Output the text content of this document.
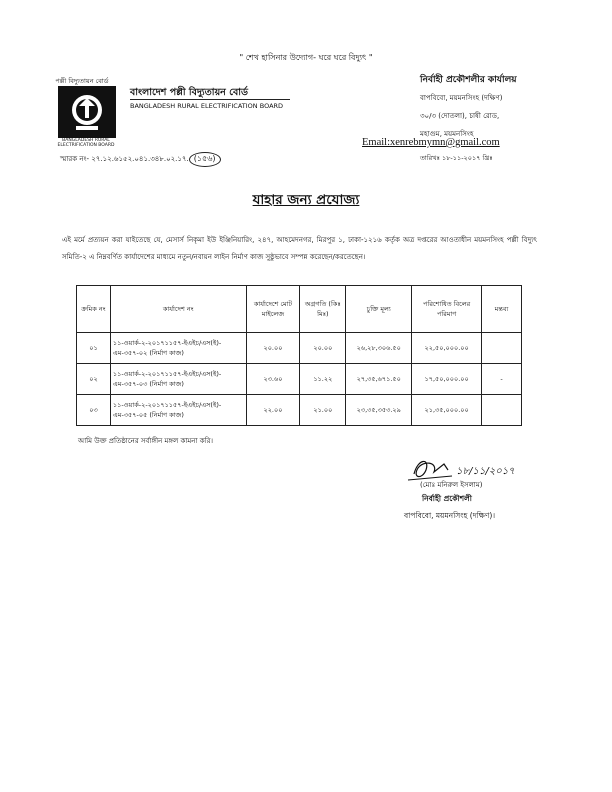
" শেখ হাসিনার উদ্যোগ- ঘরে ঘরে বিদ্যুৎ "
পল্লী বিদ্যুতায়ন বোর্ড
BANGLADESH RURAL ELECTRIFICATION BOARD
বাংলাদেশ পল্লী বিদ্যুতায়ন বোর্ড
BANGLADESH RURAL ELECTRIFICATION BOARD
নির্বাহী প্রকৌশলীর কার্যালয়
বাপবিবো, ময়মনসিংহ (দক্ষিণ)
৩০/৩ (দোতলা), চাষী রোড,
মহাগুম, ময়মনসিংহ
Email:xenrebmymn@gmail.com
স্মারক নং- ২৭.১২.৬১৫২.০৪১.৩৪৮.০২.১৭. (১৫৬)	তারিখঃ ১৮-১১-২০১৭ খ্রিঃ
যাহার জন্য প্রযোজ্য
এই মর্মে প্রত্যয়ন করা যাইতেছে যে, মেসার্স নিকৃমা ইউ ইঞ্জিনিয়ারিং, ২৪৭, আহমেদনগর, মিরপুর ১, ঢাকা-১২১৬ কর্তৃক অত্র দপ্তরের আওতাধীন ময়মনসিংহ পল্লী বিদ্যুৎ সমিতি-২ এ নিম্নবর্ণিত কার্যাদেশের মাধ্যমে নতুন/নবায়ন লাইন নির্মাণ কাজ সুষ্ঠুভাবে সম্পন্ন করেছেন/করতেছেন।
ক্রমিক নং	কার্যাদেশ নং	কার্যাদেশে মোট মাইলেজ	অগ্রগতি (কিঃ মিঃ)	চুক্তি মূল্য	পরিশোধিত বিলের পরিমাণ	মন্তব্য
০১	১১-ওয়ার্ক-২-২০১৭১১৫৭-ইএইচ/এস(ই)-এম-৩৫৭-০২ (নির্মাণ কাজ)	২০.০০	২০.০০	২৬,২৮,৩০৬.৫০	২২,৫০,০০০.০০	
০২	১১-ওয়ার্ক-২-২০১৭১১৫৭-ইএইচ/এস(ই)-এম-৩৫৭-০৩ (নির্মাণ কাজ)	২৩.৬০	১১.২২	২৭,৩৫,৬৭১.৫০	১৭,৫০,০০০.০০	-
০৩	১১-ওয়ার্ক-২-২০১৭১১৫৭-ইএইচ/এস(ই)-এম-৩৫৭-০৫ (নির্মাণ কাজ)	২২.০০	২১.০০	২৩,৩৫,৩৫৩.২৯	২১,৩৫,০০০.০০	
আমি উক্ত প্রতিষ্ঠানের সর্বাঙ্গীন মঙ্গল কামনা করি।
১৮/১১/২০১৭
(মোঃ মনিরুল ইসলাম)
নির্বাহী প্রকৌশলী
বাপবিবো, ময়মনসিংহ (দক্ষিণ)।
